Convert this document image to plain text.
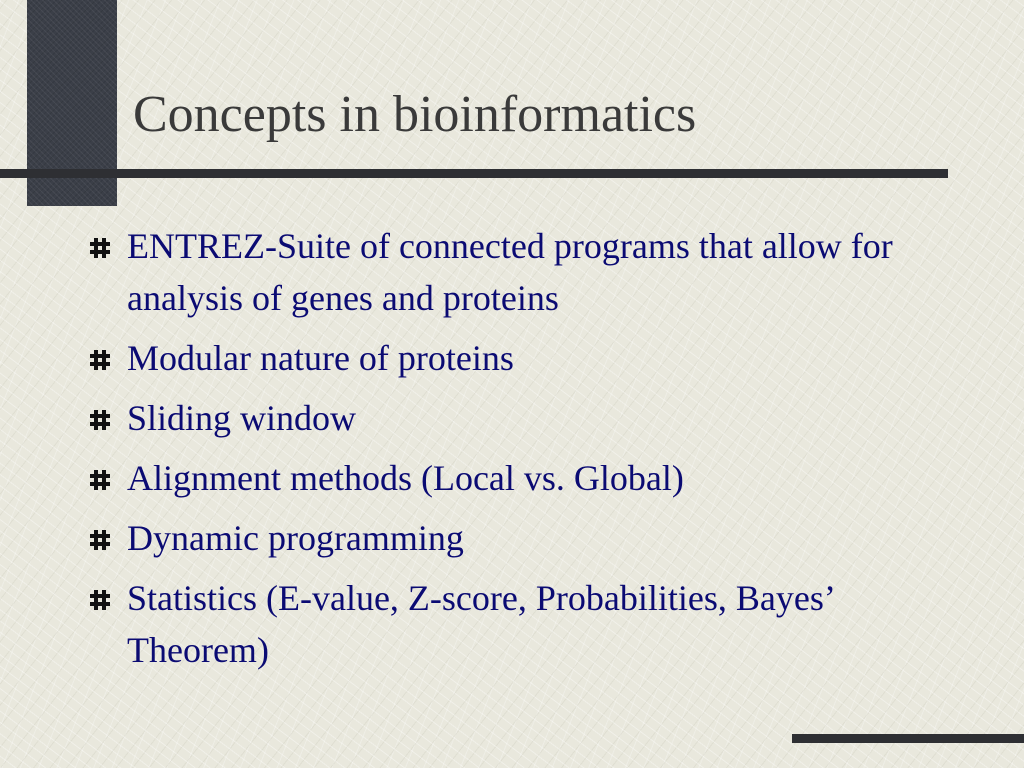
Concepts in bioinformatics
ENTREZ-Suite of connected programs that allow for analysis of genes and proteins
Modular nature of proteins
Sliding window
Alignment methods (Local vs. Global)
Dynamic programming
Statistics (E-value, Z-score, Probabilities, Bayes’ Theorem)
